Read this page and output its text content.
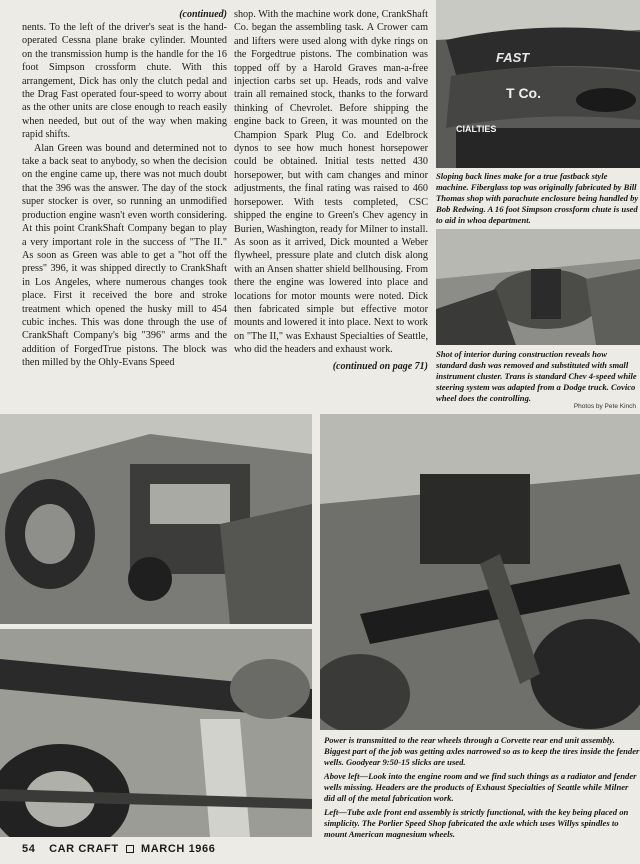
(continued)

nents. To the left of the driver's seat is the hand-operated Cessna plane brake cylinder. Mounted on the transmission hump is the handle for the 16 foot Simpson crossform chute. With this arrangement, Dick has only the clutch pedal and the Drag Fast operated four-speed to worry about as the other units are close enough to reach easily when needed, but out of the way when making rapid shifts.

Alan Green was bound and determined not to take a back seat to anybody, so when the decision on the engine came up, there was not much doubt that the 396 was the answer. The day of the stock super stocker is over, so running an unmodified production engine wasn't even worth considering. At this point CrankShaft Company began to play a very important role in the success of "The II." As soon as Green was able to get a "hot off the press" 396, it was shipped directly to CrankShaft in Los Angeles, where numerous changes took place. First it received the bore and stroke treatment which opened the husky mill to 454 cubic inches. This was done through the use of CrankShaft Company's big "396" arms and the addition of ForgedTrue pistons. The block was then milled by the Ohly-Evans Speed

shop. With the machine work done, CrankShaft Co. began the assembling task. A Crower cam and lifters were used along with dyke rings on the Forgedtrue pistons. The combination was topped off by a Harold Graves man-a-free injection carbs set up. Heads, rods and valve train all remained stock, thanks to the forward thinking of Chevrolet. Before shipping the engine back to Green, it was mounted on the Champion Spark Plug Co. and Edelbrock dynos to see how much honest horsepower could be obtained. Initial tests netted 430 horsepower, but with cam changes and minor adjustments, the final rating was raised to 460 horsepower. With tests completed, CSC shipped the engine to Green's Chev agency in Burien, Washington, ready for Milner to install. As soon as it arrived, Dick mounted a Weber flywheel, pressure plate and clutch disk along with an Ansen shatter shield bellhousing. From there the engine was lowered into place and locations for motor mounts were noted. Dick then fabricated simple but effective motor mounts and lowered it into place. Next to work on "The II," was Exhaust Specialties of Seattle, who did the headers and exhaust work.

(continued on page 71)
FAST
T Co.
CIALTIES
Sloping back lines make for a true fastback style machine. Fiberglass top was originally fabricated by Bill Thomas shop with parachute enclosure being handled by Bob Redwing. A 16 foot Simpson crossform chute is used to aid in whoa department.
Shot of interior during construction reveals how standard dash was removed and substituted with small instrument cluster. Trans is standard Chev 4-speed while steering system was adapted from a Dodge truck. Covico wheel does the controlling.
Photos by Pete Kinch

Power is transmitted to the rear wheels through a Corvette rear end unit assembly. Biggest part of the job was getting axles narrowed so as to keep the tires inside the fender wells. Goodyear 9:50-15 slicks are used.

Above left—Look into the engine room and we find such things as a radiator and fender wells missing. Headers are the products of Exhaust Specialties of Seattle while Milner did all of the metal fabrication work.

Left—Tube axle front end assembly is strictly functional, with the key being placed on simplicity. The Porlier Speed Shop fabricated the axle which uses Willys spindles to mount American magnesium wheels.

54 CAR CRAFT MARCH 1966
